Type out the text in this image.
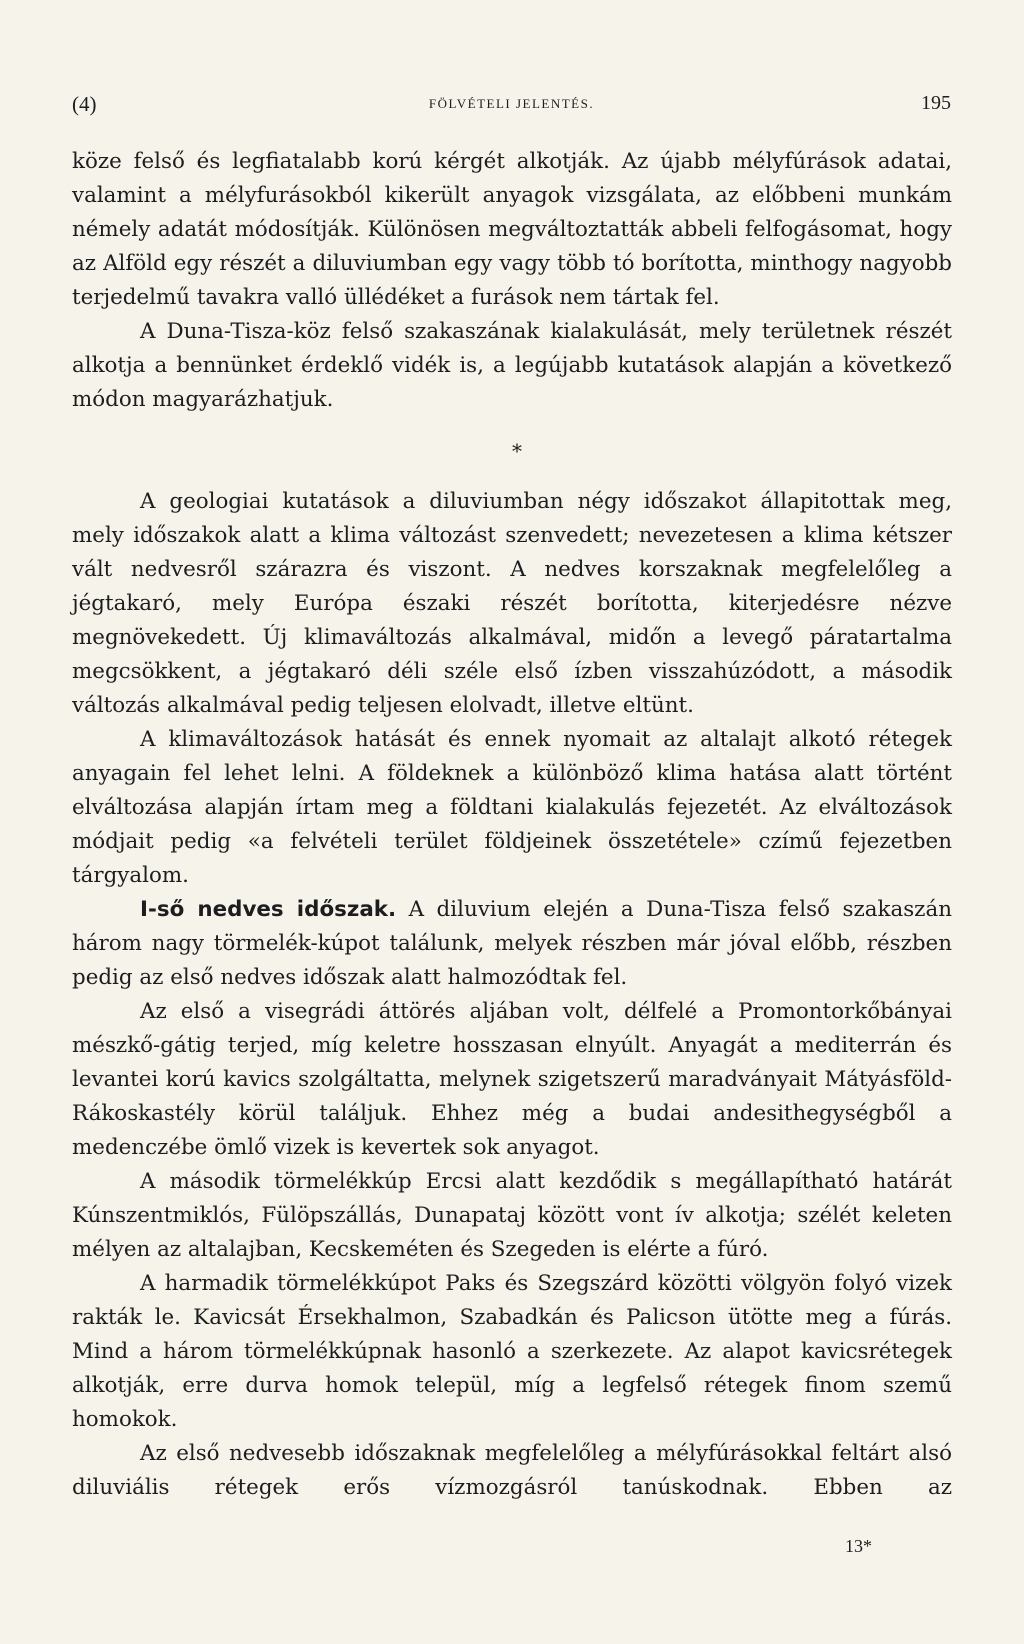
(4)	FÖLVÉTELI JELENTÉS.	195

köze felső és legfiatalabb korú kérgét alkotják. Az újabb mélyfúrások adatai, valamint a mélyfurásokból kikerült anyagok vizsgálata, az előbbeni munkám némely adatát módosítják. Különösen megváltoztatták abbeli felfogásomat, hogy az Alföld egy részét a diluviumban egy vagy több tó borította, minthogy nagyobb terjedelmű tavakra valló üllédéket a furások nem tártak fel.

A Duna-Tisza-köz felső szakaszának kialakulását, mely területnek részét alkotja a bennünket érdeklő vidék is, a legújabb kutatások alapján a következő módon magyarázhatjuk.

*

A geologiai kutatások a diluviumban négy időszakot állapitottak meg, mely időszakok alatt a klima változást szenvedett; nevezetesen a klima kétszer vált nedvesről szárazra és viszont. A nedves korszaknak megfelelőleg a jégtakaró, mely Európa északi részét borította, kiterjedésre nézve megnövekedett. Új klimaváltozás alkalmával, midőn a levegő páratartalma megcsökkent, a jégtakaró déli széle első ízben visszahúzódott, a második változás alkalmával pedig teljesen elolvadt, illetve eltünt.

A klimaváltozások hatását és ennek nyomait az altalajt alkotó rétegek anyagain fel lehet lelni. A földeknek a különböző klima hatása alatt történt elváltozása alapján írtam meg a földtani kialakulás fejezetét. Az elváltozások módjait pedig «a felvételi terület földjeinek összetétele» czímű fejezetben tárgyalom.

I-ső nedves időszak. A diluvium elején a Duna-Tisza felső szakaszán három nagy törmelék-kúpot találunk, melyek részben már jóval előbb, részben pedig az első nedves időszak alatt halmozódtak fel.

Az első a visegrádi áttörés aljában volt, délfelé a Promontorkőbányai mészkő-gátig terjed, míg keletre hosszasan elnyúlt. Anyagát a mediterrán és levantei korú kavics szolgáltatta, melynek szigetszerű maradványait Mátyásföld-Rákoskastély körül találjuk. Ehhez még a budai andesithegységből a medenczébe ömlő vizek is kevertek sok anyagot.

A második törmelékkúp Ercsi alatt kezdődik s megállapítható határát Kúnszentmiklós, Fülöpszállás, Dunapataj között vont ív alkotja; szélét keleten mélyen az altalajban, Kecskeméten és Szegeden is elérte a fúró.

A harmadik törmelékkúpot Paks és Szegszárd közötti völgyön folyó vizek rakták le. Kavicsát Érsekhalmon, Szabadkán és Palicson ütötte meg a fúrás. Mind a három törmelékkúpnak hasonló a szerkezete. Az alapot kavicsrétegek alkotják, erre durva homok települ, míg a legfelső rétegek finom szemű homokok.

Az első nedvesebb időszaknak megfelelőleg a mélyfúrásokkal feltárt alsó diluviális rétegek erős vízmozgásról tanúskodnak. Ebben az

13*
